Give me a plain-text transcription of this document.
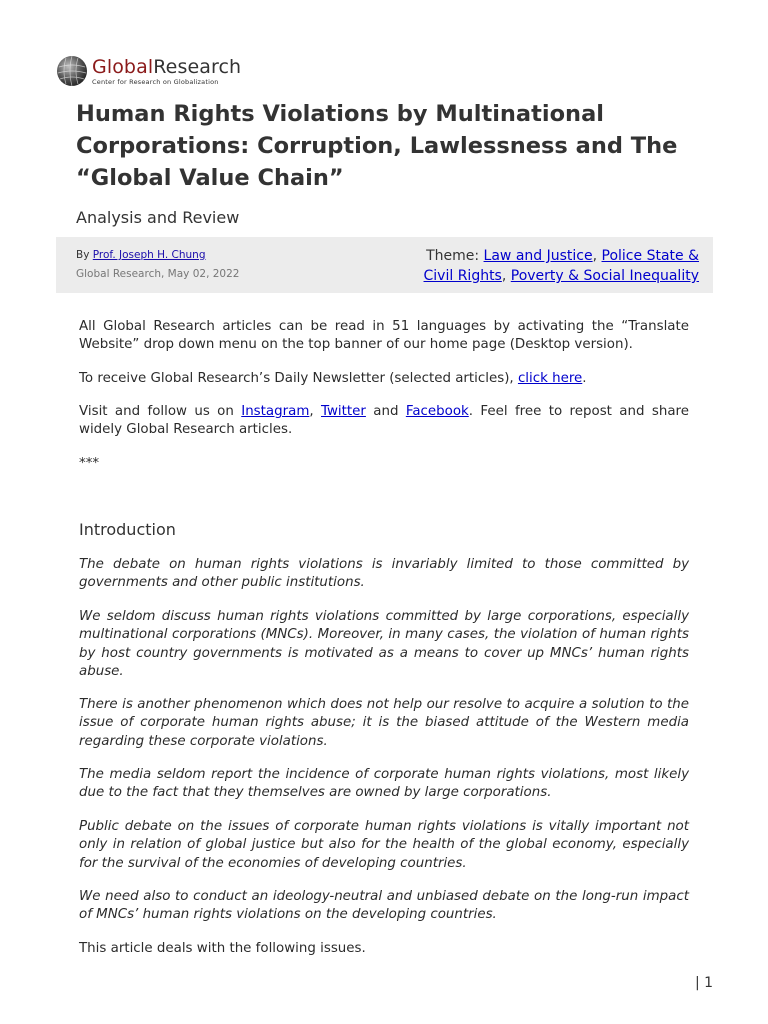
GlobalResearch
Center for Research on Globalization
Human Rights Violations by Multinational Corporations: Corruption, Lawlessness and The “Global Value Chain”
Analysis and Review
By Prof. Joseph H. Chung
Global Research, May 02, 2022
Theme: Law and Justice, Police State & Civil Rights, Poverty & Social Inequality

All Global Research articles can be read in 51 languages by activating the “Translate Website” drop down menu on the top banner of our home page (Desktop version).

To receive Global Research’s Daily Newsletter (selected articles), click here.

Visit and follow us on Instagram, Twitter and Facebook. Feel free to repost and share widely Global Research articles.

***

Introduction

The debate on human rights violations is invariably limited to those committed by governments and other public institutions.

We seldom discuss human rights violations committed by large corporations, especially multinational corporations (MNCs). Moreover, in many cases, the violation of human rights by host country governments is motivated as a means to cover up MNCs’ human rights abuse.

There is another phenomenon which does not help our resolve to acquire a solution to the issue of corporate human rights abuse; it is the biased attitude of the Western media regarding these corporate violations.

The media seldom report the incidence of corporate human rights violations, most likely due to the fact that they themselves are owned by large corporations.

Public debate on the issues of corporate human rights violations is vitally important not only in relation of global justice but also for the health of the global economy, especially for the survival of the economies of developing countries.

We need also to conduct an ideology-neutral and unbiased debate on the long-run impact of MNCs’ human rights violations on the developing countries.

This article deals with the following issues.

| 1
